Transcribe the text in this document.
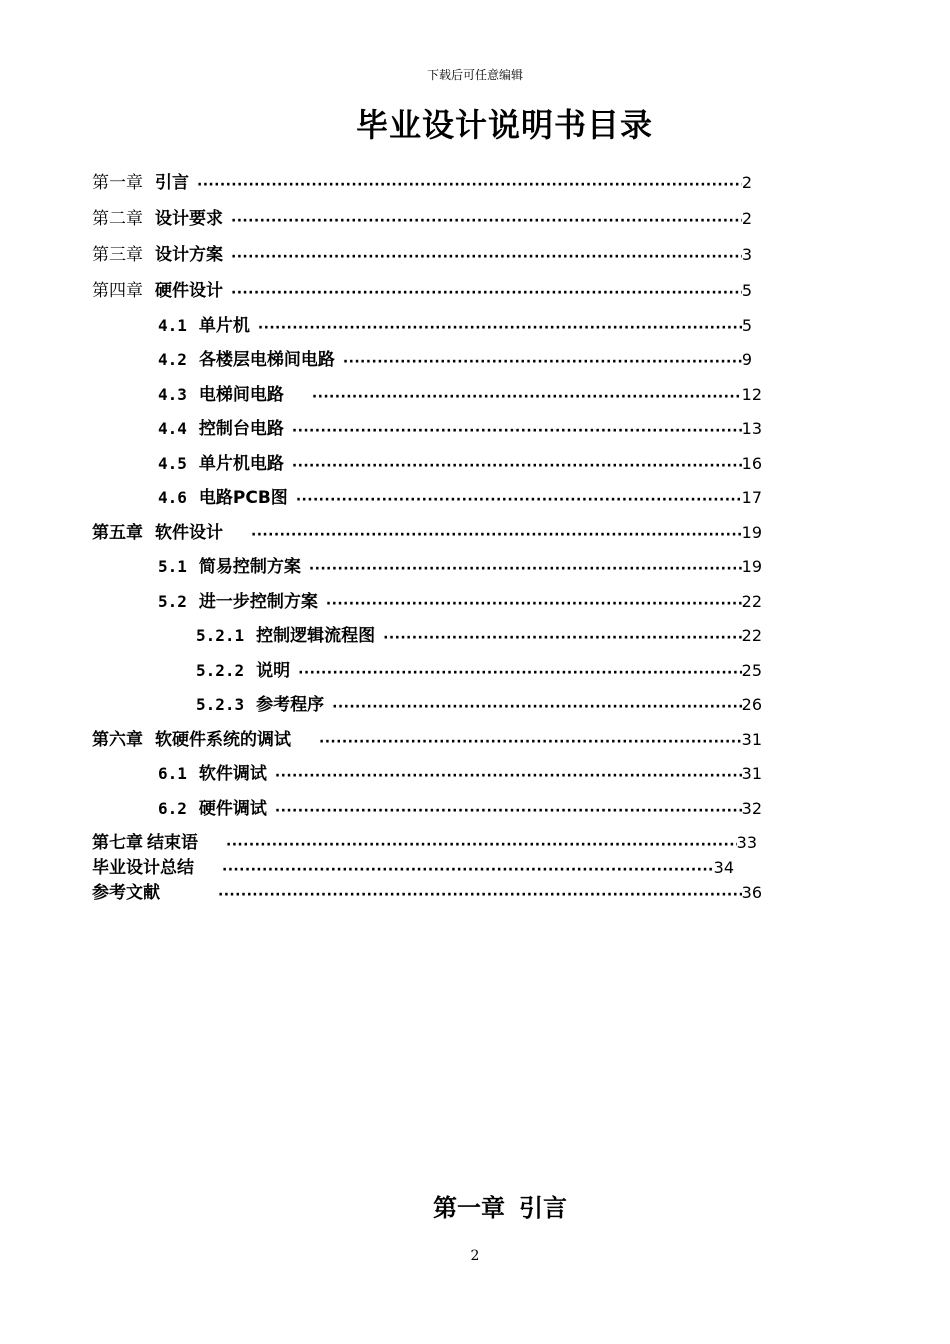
下载后可任意编辑
毕业设计说明书目录
第一章 引言 ·····	2
第二章 设计要求 ·····	2
第三章 设计方案 ·····	3
第四章 硬件设计 ·····	5
4.1 单片机 ·····	5
4.2 各楼层电梯间电路 ·····	9
4.3 电梯间电路 ·····	12
4.4 控制台电路 ·····	13
4.5 单片机电路 ·····	16
4.6 电路PCB图 ·····	17
第五章 软件设计 ·····	19
5.1 简易控制方案 ·····	19
5.2 进一步控制方案 ·····	22
5.2.1 控制逻辑流程图 ·····	22
5.2.2 说明 ·····	25
5.2.3 参考程序 ·····	26
第六章 软硬件系统的调试 ·····	31
6.1 软件调试 ·····	31
6.2 硬件调试 ·····	32
第七章 结束语 ·····	33
毕业设计总结 ·····	34
参考文献 ·····	36
第一章 引言
2
